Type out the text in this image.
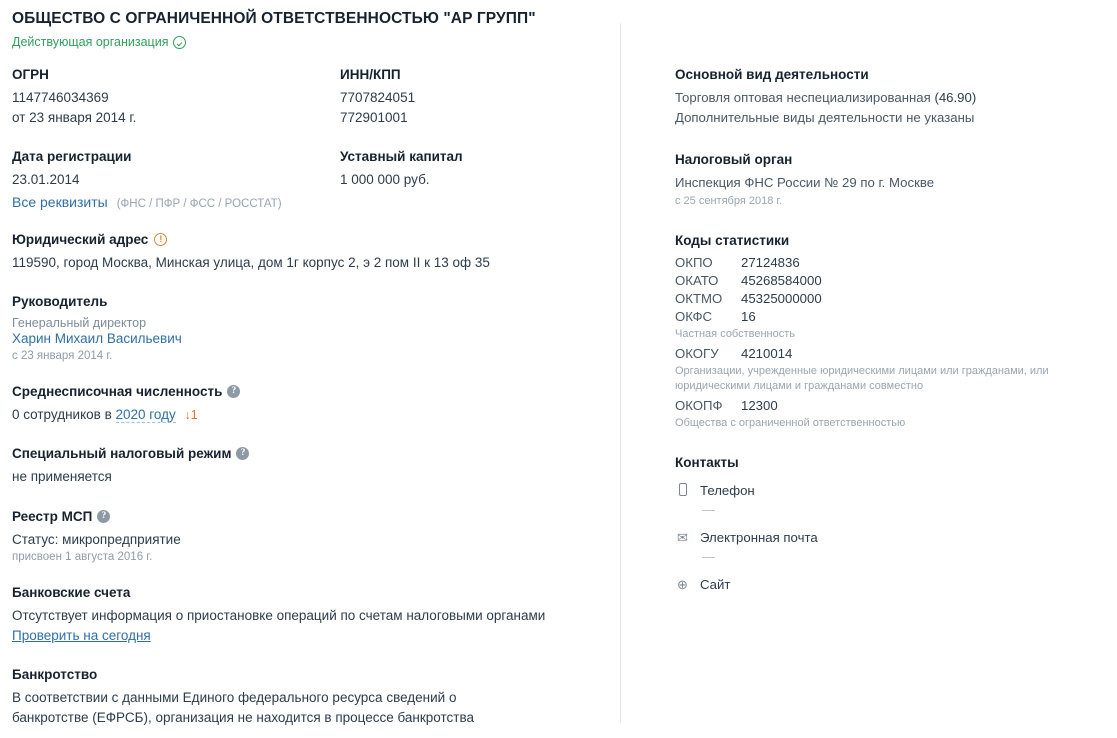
ОБЩЕСТВО С ОГРАНИЧЕННОЙ ОТВЕТСТВЕННОСТЬЮ "АР ГРУПП"
Действующая организация
ОГРН

1147746034369

от 23 января 2014 г.

Дата регистрации

23.01.2014

Все реквизиты (ФНС / ПФР / ФСС / РОССТАТ)
ИНН/КПП

7707824051

772901001

Уставный капитал

1 000 000 руб.

Юридический адрес	!

119590, город Москва, Минская улица, дом 1г корпус 2, э 2 пом II к 13 оф 35

Руководитель

Генеральный директор

Харин Михаил Васильевич

с 23 января 2014 г.

Среднесписочная численность ?

0 сотрудников в 2020 году ↓1

Специальный налоговый режим ?

не применяется

Реестр МСП ?

Статус: микропредприятие

присвоен 1 августа 2016 г.

Банковские счета

Отсутствует информация о приостановке операций по счетам налоговыми органами

Проверить на сегодня

Банкротство

В соответствии с данными Единого федерального ресурса сведений о

банкротстве (ЕФРСБ), организация не находится в процессе банкротства

Основной вид деятельности

Торговля оптовая неспециализированная (46.90)

Дополнительные виды деятельности не указаны

Налоговый орган

Инспекция ФНС России № 29 по г. Москве

с 25 сентября 2018 г.

Коды статистики
ОКПО	27124836
ОКАТО	45268584000
ОКТМО	45325000000
ОКФС	16

Частная собственность

ОКОГУ	4210014

Организации, учрежденные юридическими лицами или гражданами, или юридическими лицами и гражданами совместно

ОКОПФ	12300

Общества с ограниченной ответственностью

Контакты
Телефон
—
✉ Электронная почта
—
⊕ Сайт
